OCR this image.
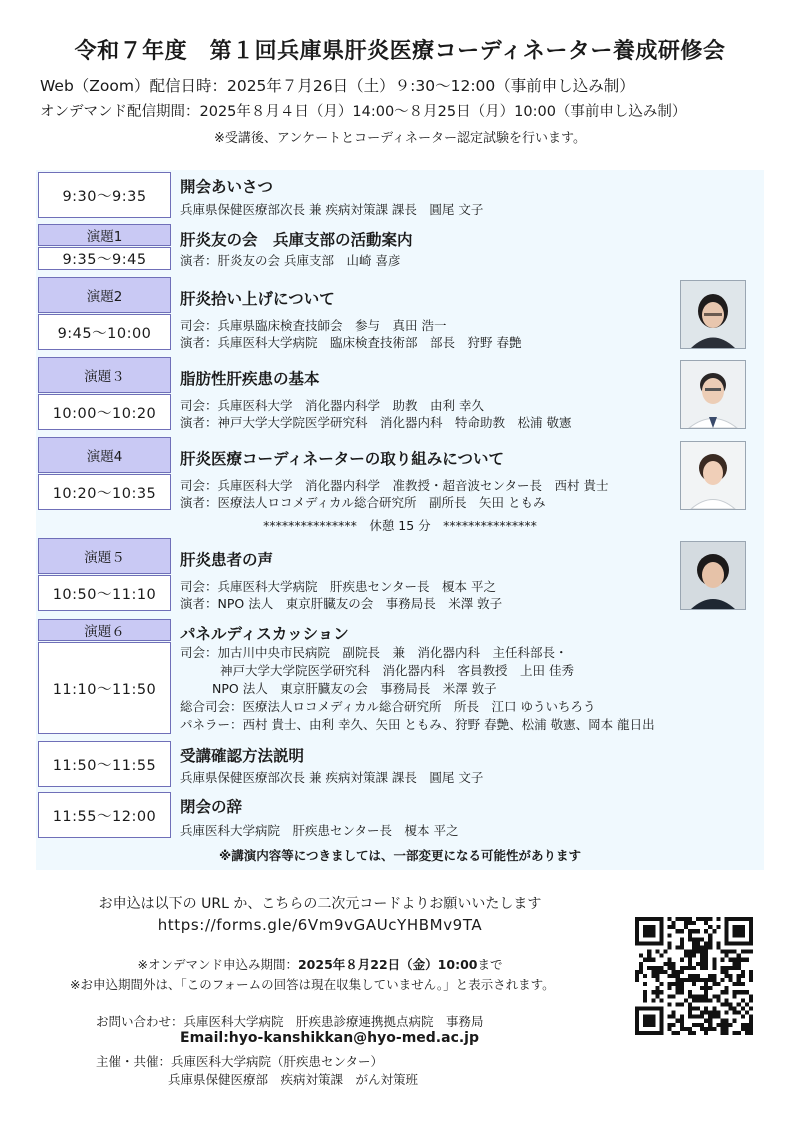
令和７年度　第１回兵庫県肝炎医療コーディネーター養成研修会
Web（Zoom）配信日時：2025年７月26日（土）９:30～12:00（事前申し込み制）
オンデマンド配信期間：2025年８月４日（月）14:00～８月25日（月）10:00（事前申し込み制）
※受講後、アンケートとコーディネーター認定試験を行います。
9:30～9:35
開会あいさつ
兵庫県保健医療部次長 兼 疾病対策課 課長　圓尾 文子
演題1
9:35～9:45
肝炎友の会　兵庫支部の活動案内
演者：肝炎友の会 兵庫支部　山崎 喜彦
演題2
9:45～10:00
肝炎拾い上げについて
司会：兵庫県臨床検査技師会　参与　真田 浩一
演者：兵庫医科大学病院　臨床検査技術部　部長　狩野 春艶
演題３
10:00～10:20
脂肪性肝疾患の基本
司会：兵庫医科大学　消化器内科学　助教　由利 幸久
演者：神戸大学大学院医学研究科　消化器内科　特命助教　松浦 敬憲
演題4
10:20～10:35
肝炎医療コーディネーターの取り組みについて
司会：兵庫医科大学　消化器内科学　准教授・超音波センター長　西村 貴士
演者：医療法人ロコメディカル総合研究所　副所長　矢田 ともみ
***************　休憩 15 分　***************
演題５
10:50～11:10
肝炎患者の声
司会：兵庫医科大学病院　肝疾患センター長　榎本 平之
演者：NPO 法人　東京肝臓友の会　事務局長　米澤 敦子
演題６
11:10～11:50
パネルディスカッション
司会：加古川中央市民病院　副院長　兼　消化器内科　主任科部長・
神戸大学大学院医学研究科　消化器内科　客員教授　上田 佳秀
NPO 法人　東京肝臓友の会　事務局長　米澤 敦子
総合司会：医療法人ロコメディカル総合研究所　所長　江口 ゆういちろう
パネラー：西村 貴士、由利 幸久、矢田 ともみ、狩野 春艶、松浦 敬憲、岡本 龍日出
11:50～11:55
受講確認方法説明
兵庫県保健医療部次長 兼 疾病対策課 課長　圓尾 文子
11:55～12:00
閉会の辞
兵庫医科大学病院　肝疾患センター長　榎本 平之
※講演内容等につきましては、一部変更になる可能性があります
お申込は以下の URL か、こちらの二次元コードよりお願いいたします
https://forms.gle/6Vm9vGAUcYHBMv9TA
※オンデマンド申込み期間：2025年８月22日（金）10:00まで
※お申込期間外は、「このフォームの回答は現在収集していません。」と表示されます。
お問い合わせ：兵庫医科大学病院　肝疾患診療連携拠点病院　事務局
Email:hyo-kanshikkan@hyo-med.ac.jp
主催・共催：兵庫医科大学病院（肝疾患センター）
兵庫県保健医療部　疾病対策課　がん対策班
